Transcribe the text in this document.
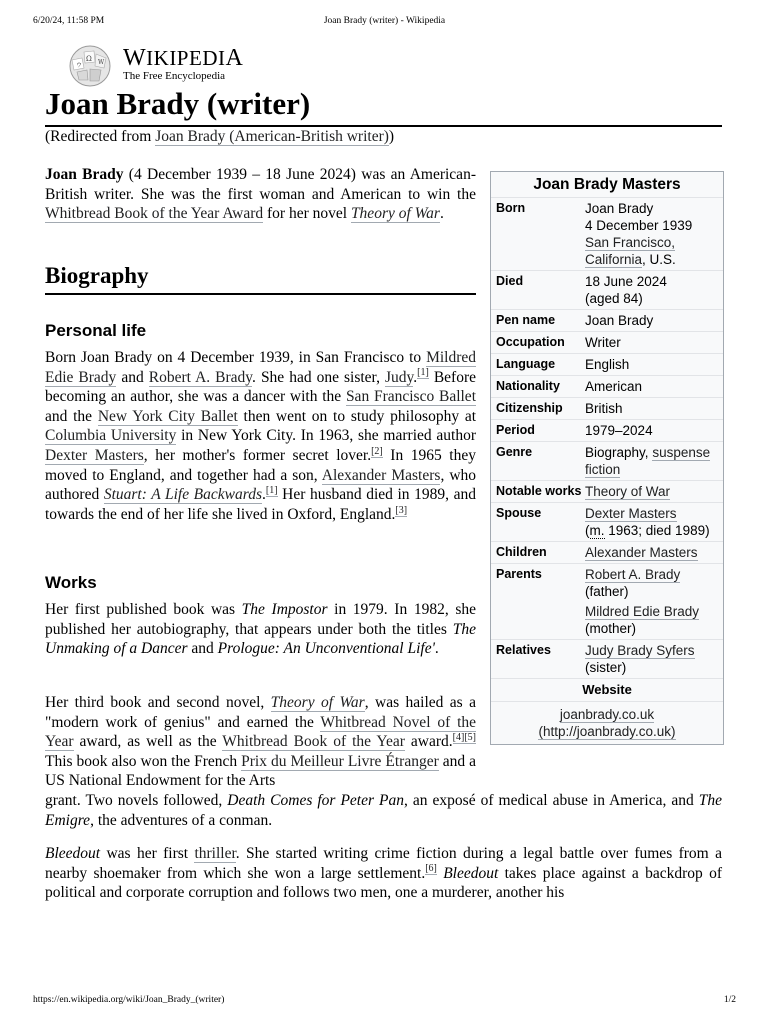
6/20/24, 11:58 PM	Joan Brady (writer) - Wikipedia
Ω W
ウ WIKIPEDIA
The Free Encyclopedia
Joan Brady (writer)
(Redirected from Joan Brady (American-British writer))

Joan Brady (4 December 1939 – 18 June 2024) was an American-British writer. She was the first woman and American to win the Whitbread Book of the Year Award for her novel Theory of War.

Biography
Personal life

Born Joan Brady on 4 December 1939, in San Francisco to Mildred Edie Brady and Robert A. Brady. She had one sister, Judy.[1] Before becoming an author, she was a dancer with the San Francisco Ballet and the New York City Ballet then went on to study philosophy at Columbia University in New York City. In 1963, she married author Dexter Masters, her mother's former secret lover.[2] In 1965 they moved to England, and together had a son, Alexander Masters, who authored Stuart: A Life Backwards.[1] Her husband died in 1989, and towards the end of her life she lived in Oxford, England.[3]

Works

Her first published book was The Impostor in 1979. In 1982, she published her autobiography, that appears under both the titles The Unmaking of a Dancer and Prologue: An Unconventional Life'.

Her third book and second novel, Theory of War, was hailed as a "modern work of genius" and earned the Whitbread Novel of the Year award, as well as the Whitbread Book of the Year award.[4][5] This book also won the French Prix du Meilleur Livre Étranger and a US National Endowment for the Arts

grant. Two novels followed, Death Comes for Peter Pan, an exposé of medical abuse in America, and The Emigre, the adventures of a conman.

Bleedout was her first thriller. She started writing crime fiction during a legal battle over fumes from a nearby shoemaker from which she won a large settlement.[6] Bleedout takes place against a backdrop of political and corporate corruption and follows two men, one a murderer, another his

Joan Brady Masters
Born	Joan Brady
4 December 1939
San Francisco, California, U.S.
Died	18 June 2024
(aged 84)
Pen name	Joan Brady
Occupation	Writer
Language	English
Nationality	American
Citizenship	British
Period	1979–2024
Genre	Biography, suspense fiction
Notable works Theory of War
Spouse	Dexter Masters
(m. 1963; died 1989)
Children	Alexander Masters
Parents	Robert A. Brady
(father)
Mildred Edie Brady
(mother)
Relatives	Judy Brady Syfers
(sister)
Website
joanbrady.co.uk (http://joanbrady.co.uk)
https://en.wikipedia.org/wiki/Joan_Brady_(writer)	1/2
